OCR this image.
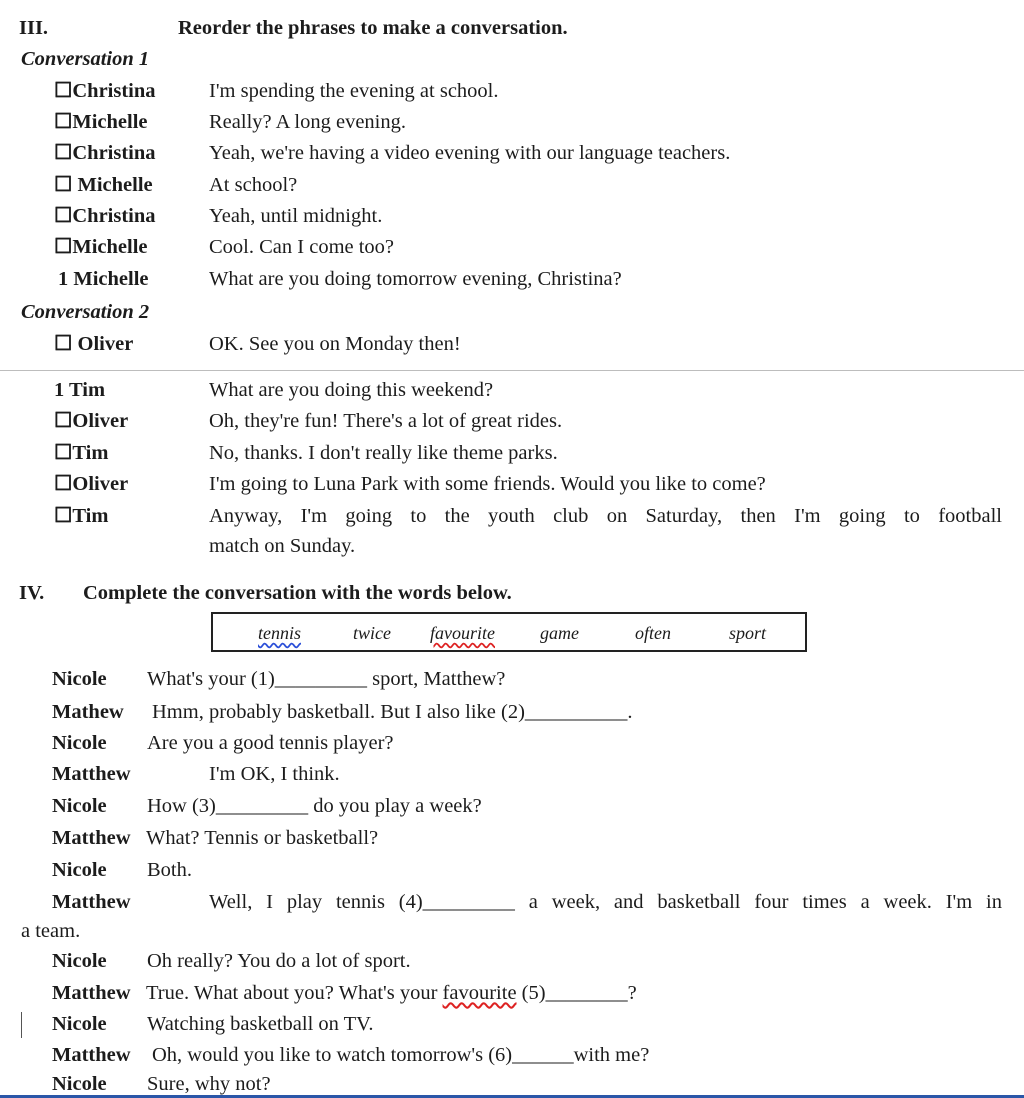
III.	Reorder the phrases to make a conversation.
Conversation 1
☐Christina	I'm spending the evening at school.
☐Michelle	Really? A long evening.
☐Christina	Yeah, we're having a video evening with our language teachers.
☐ Michelle	At school?
☐Christina	Yeah, until midnight.
☐Michelle	Cool. Can I come too?
1 Michelle	What are you doing tomorrow evening, Christina?
Conversation 2
☐ Oliver	OK. See you on Monday then!
1 Tim	What are you doing this weekend?
☐Oliver	Oh, they're fun! There's a lot of great rides.
☐Tim	No, thanks. I don't really like theme parks.
☐Oliver	I'm going to Luna Park with some friends. Would you like to come?
☐Tim	Anyway, I'm going to the youth club on Saturday, then I'm going to football
match on Sunday.
IV. Complete the conversation with the words below.
tennis	twice favourite	game	often	sport
Nicole What's your (1)_________ sport, Matthew?
Mathew Hmm, probably basketball. But I also like (2)__________.
Nicole Are you a good tennis player?
Matthew	I'm OK, I think.
Nicole How (3)_________ do you play a week?
Matthew What? Tennis or basketball?
Nicole Both.
Matthew	Well, I play tennis (4)_________ a week, and basketball four times a week. I'm in
a team.
Nicole Oh really? You do a lot of sport.
Matthew True. What about you? What's your favourite (5)________?
Nicole Watching basketball on TV.
Matthew Oh, would you like to watch tomorrow's (6)______with me?
Nicole Sure, why not?
